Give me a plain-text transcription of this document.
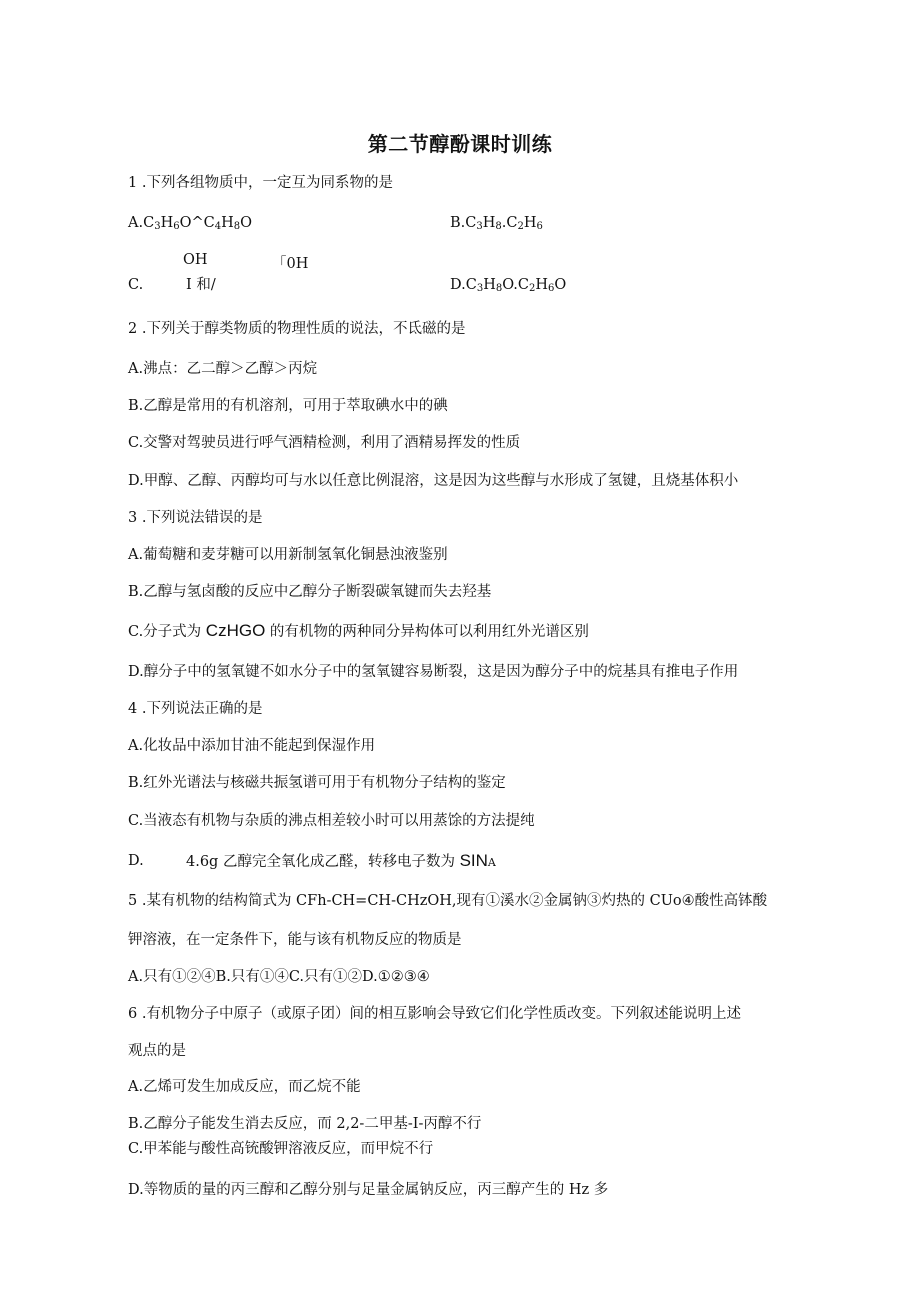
第二节醇酚课时训练
1 .下列各组物质中，一定互为同系物的是
$A.C_3H_6O\^{}C_4H_8O$	$B.C_3H_8.C_2H_6$
OH	「0H
C.	I 和/	$D.C_3H_8O.C_2H_6O$
2 .下列关于醇类物质的物理性质的说法，不氐磁的是
A.沸点：乙二醇＞乙醇＞丙烷
B.乙醇是常用的有机溶剂，可用于萃取碘水中的碘
C.交警对驾驶员进行呼气酒精检测，利用了酒精易挥发的性质
D.甲醇、乙醇、丙醇均可与水以任意比例混溶，这是因为这些醇与水形成了氢键，且烧基体积小
3 .下列说法错误的是
A.葡萄糖和麦芽糖可以用新制氢氧化铜悬浊液鉴别
B.乙醇与氢卤酸的反应中乙醇分子断裂碳氧键而失去羟基
C.分子式为 CzHGO 的有机物的两种同分异构体可以利用红外光谱区别
D.醇分子中的氢氧键不如水分子中的氢氧键容易断裂，这是因为醇分子中的烷基具有推电子作用
4 .下列说法正确的是
A.化妆品中添加甘油不能起到保湿作用
B.红外光谱法与核磁共振氢谱可用于有机物分子结构的鉴定
C.当液态有机物与杂质的沸点相差较小时可以用蒸馀的方法提纯
D.	4.6g 乙醇完全氧化成乙醛，转移电子数为 SINA
5 .某有机物的结构简式为 CFh-CH=CH-CHzOH,现有①溪水②金属钠③灼热的 CUo④酸性高钵酸
钾溶液，在一定条件下，能与该有机物反应的物质是
A.只有①②④B.只有①④C.只有①②D.①②③④
6 .有机物分子中原子（或原子团）间的相互影响会导致它们化学性质改变。下列叙述能说明上述
观点的是
A.乙烯可发生加成反应，而乙烷不能
B.乙醇分子能发生消去反应，而 2,2-二甲基-I-丙醇不行
C.甲苯能与酸性高铳酸钾溶液反应，而甲烷不行
D.等物质的量的丙三醇和乙醇分别与足量金属钠反应，丙三醇产生的 Hz 多
